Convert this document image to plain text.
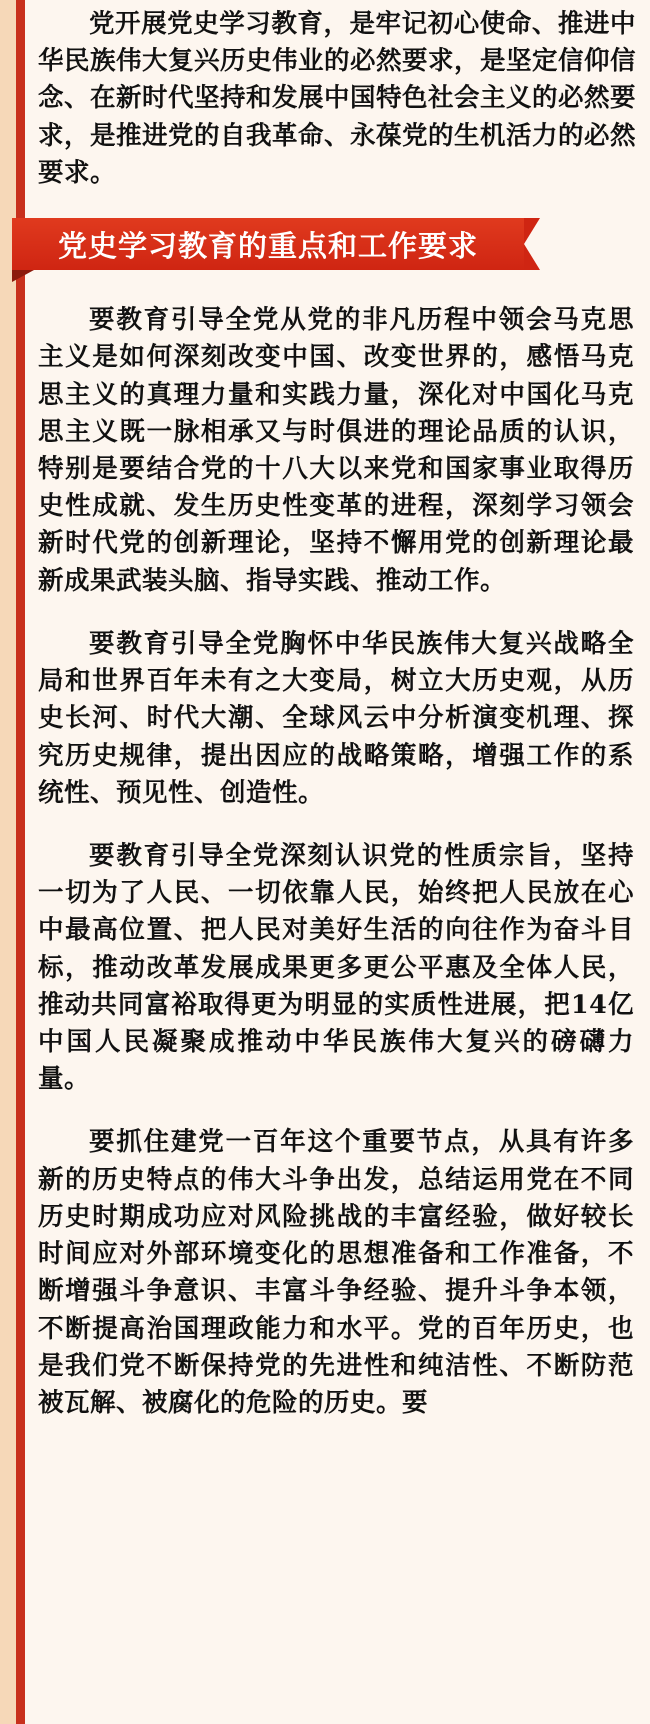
党开展党史学习教育，是牢记初心使命、推进中华民族伟大复兴历史伟业的必然要求，是坚定信仰信念、在新时代坚持和发展中国特色社会主义的必然要求，是推进党的自我革命、永葆党的生机活力的必然要求。

党史学习教育的重点和工作要求

要教育引导全党从党的非凡历程中领会马克思主义是如何深刻改变中国、改变世界的，感悟马克思主义的真理力量和实践力量，深化对中国化马克思主义既一脉相承又与时俱进的理论品质的认识，特别是要结合党的十八大以来党和国家事业取得历史性成就、发生历史性变革的进程，深刻学习领会新时代党的创新理论，坚持不懈用党的创新理论最新成果武装头脑、指导实践、推动工作。

要教育引导全党胸怀中华民族伟大复兴战略全局和世界百年未有之大变局，树立大历史观，从历史长河、时代大潮、全球风云中分析演变机理、探究历史规律，提出因应的战略策略，增强工作的系统性、预见性、创造性。

要教育引导全党深刻认识党的性质宗旨，坚持一切为了人民、一切依靠人民，始终把人民放在心中最高位置、把人民对美好生活的向往作为奋斗目标，推动改革发展成果更多更公平惠及全体人民，推动共同富裕取得更为明显的实质性进展，把14亿中国人民凝聚成推动中华民族伟大复兴的磅礴力量。

要抓住建党一百年这个重要节点，从具有许多新的历史特点的伟大斗争出发，总结运用党在不同历史时期成功应对风险挑战的丰富经验，做好较长时间应对外部环境变化的思想准备和工作准备，不断增强斗争意识、丰富斗争经验、提升斗争本领，不断提高治国理政能力和水平。党的百年历史，也是我们党不断保持党的先进性和纯洁性、不断防范被瓦解、被腐化的危险的历史。要
